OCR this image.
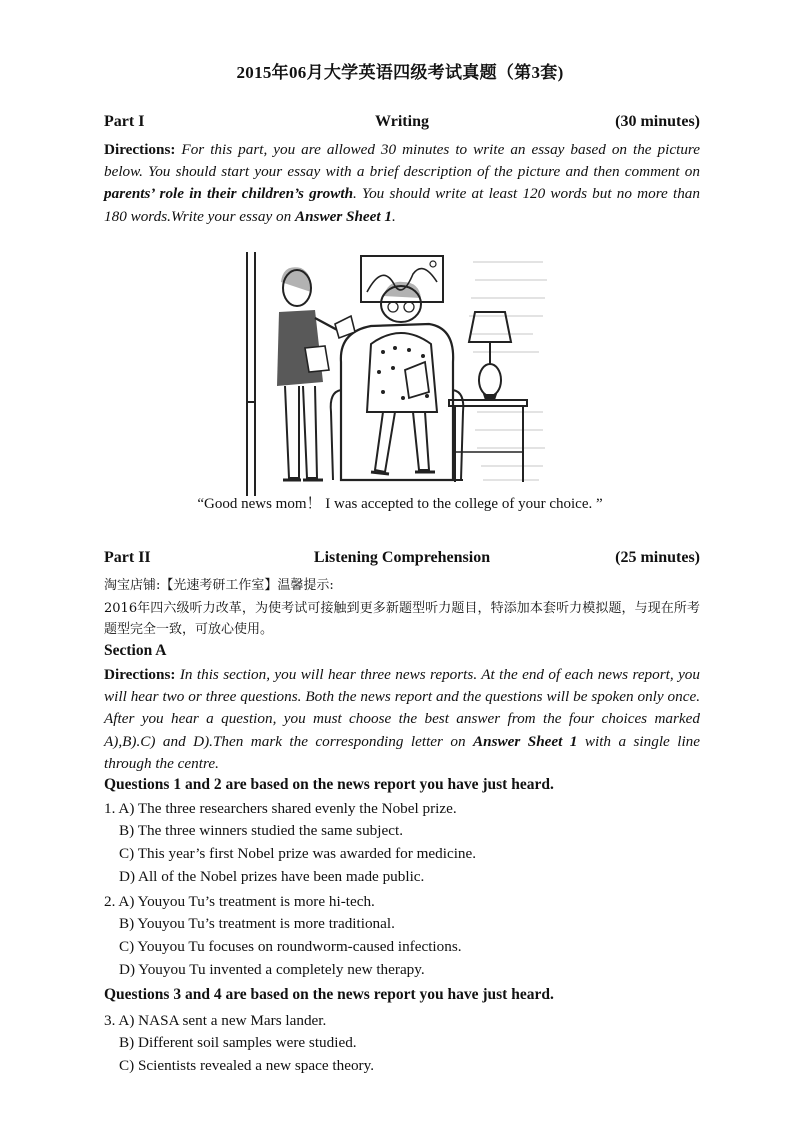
2015年06月大学英语四级考试真题（第3套)
Part I	Writing	(30 minutes)
Directions: For this part, you are allowed 30 minutes to write an essay based on the picture below. You should start your essay with a brief description of the picture and then comment on parents’ role in their children’s growth. You should write at least 120 words but no more than 180 words.Write your essay on Answer Sheet 1.
“Good news mom！ I was accepted to the college of your choice. ”
Part II	Listening Comprehension	(25 minutes)
淘宝店铺:【光速考研工作室】温馨提示:
2016年四六级听力改革，为使考试可接触到更多新题型听力题目，特添加本套听力模拟题，与现在所考题型完全一致，可放心使用。
Section A
Directions: In this section, you will hear three news reports. At the end of each news report, you will hear two or three questions. Both the news report and the questions will be spoken only once. After you hear a question, you must choose the best answer from the four choices marked A),B).C) and D).Then mark the corresponding letter on Answer Sheet 1 with a single line through the centre.
Questions 1 and 2 are based on the news report you have just heard.
1. A) The three researchers shared evenly the Nobel prize.
B) The three winners studied the same subject.
C) This year’s first Nobel prize was awarded for medicine.
D) All of the Nobel prizes have been made public.
2. A) Youyou Tu’s treatment is more hi-tech.
B) Youyou Tu’s treatment is more traditional.
C) Youyou Tu focuses on roundworm-caused infections.
D) Youyou Tu invented a completely new therapy.
Questions 3 and 4 are based on the news report you have just heard.
3. A) NASA sent a new Mars lander.
B) Different soil samples were studied.
C) Scientists revealed a new space theory.
